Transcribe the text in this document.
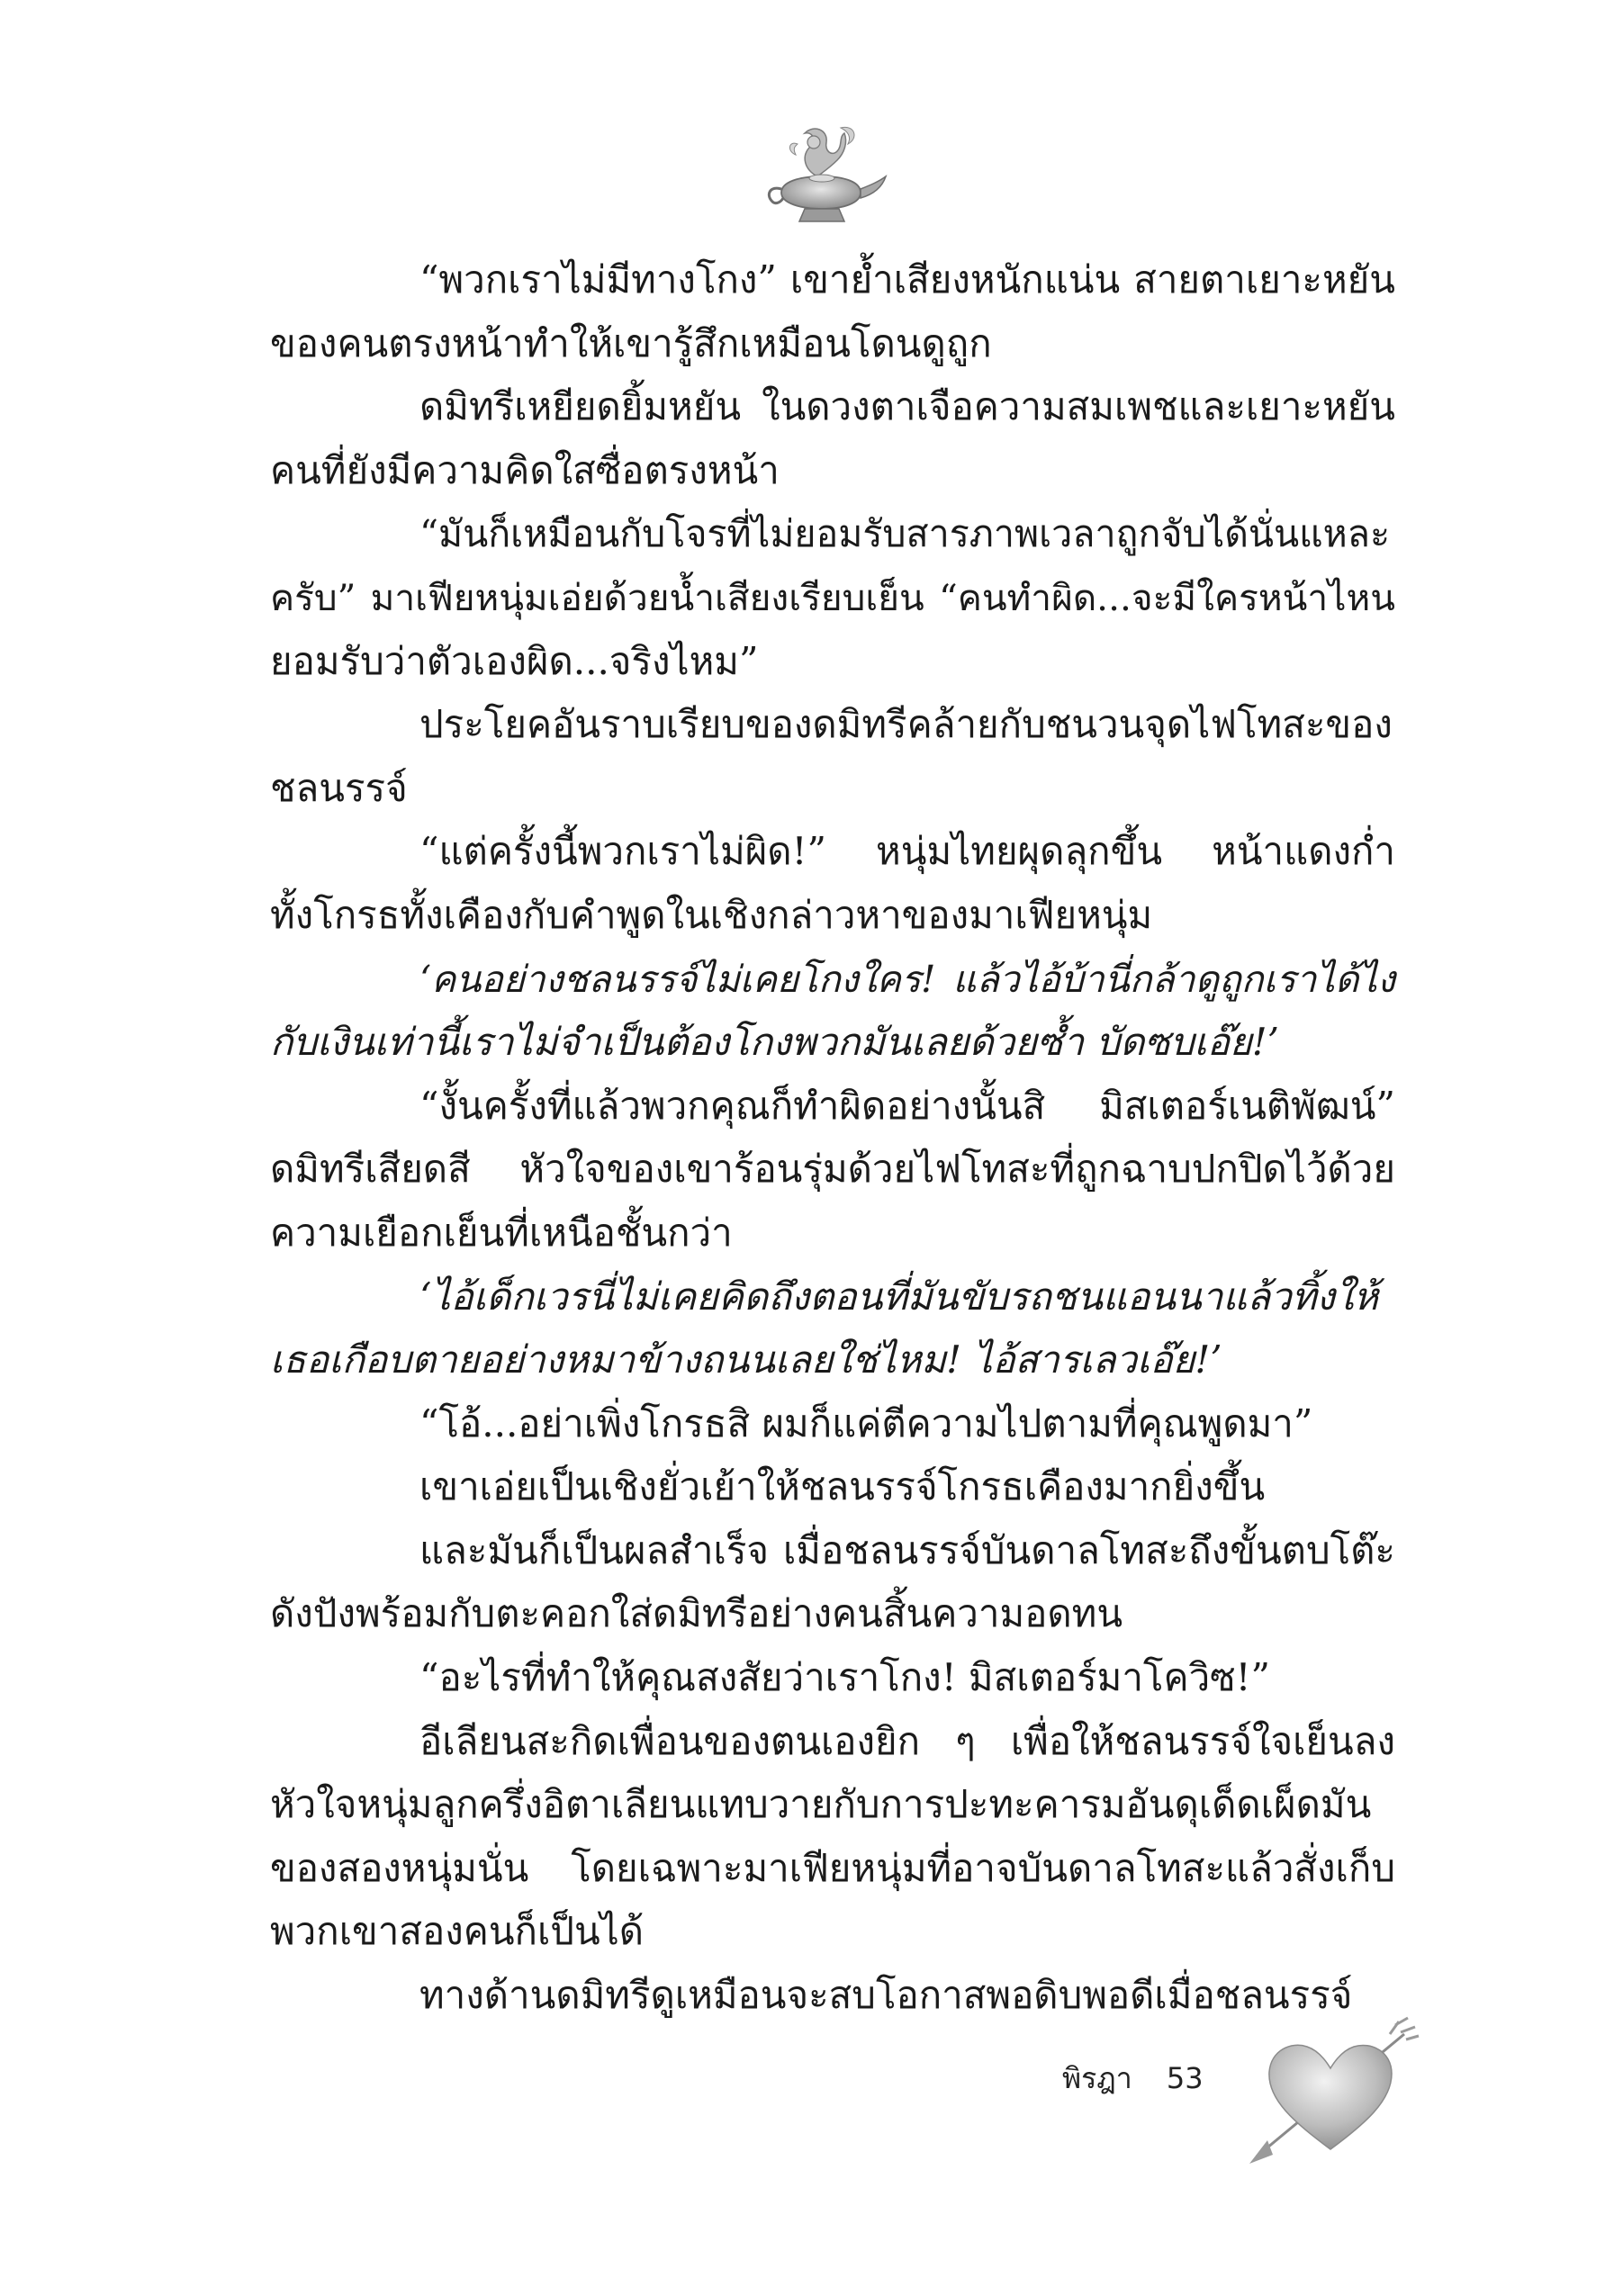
“พวกเราไม่มีทางโกง” เขาย้ำเสียงหนักแน่น สายตาเยาะหยัน
ของคนตรงหน้าทำให้เขารู้สึกเหมือนโดนดูถูก
ดมิทรีเหยียดยิ้มหยัน ในดวงตาเจือความสมเพชและเยาะหยัน
คนที่ยังมีความคิดใสซื่อตรงหน้า
“มันก็เหมือนกับโจรที่ไม่ยอมรับสารภาพเวลาถูกจับได้นั่นแหละ
ครับ” มาเฟียหนุ่มเอ่ยด้วยน้ำเสียงเรียบเย็น “คนทำผิด...จะมีใครหน้าไหน
ยอมรับว่าตัวเองผิด...จริงไหม”
ประโยคอันราบเรียบของดมิทรีคล้ายกับชนวนจุดไฟโทสะของ
ชลนรรจ์
“แต่ครั้งนี้พวกเราไม่ผิด!” หนุ่มไทยผุดลุกขึ้น หน้าแดงก่ำ
ทั้งโกรธทั้งเคืองกับคำพูดในเชิงกล่าวหาของมาเฟียหนุ่ม
‘คนอย่างชลนรรจ์ไม่เคยโกงใคร! แล้วไอ้บ้านี่กล้าดูถูกเราได้ไง
กับเงินเท่านี้เราไม่จำเป็นต้องโกงพวกมันเลยด้วยซ้ำ บัดซบเอ๊ย!’
“งั้นครั้งที่แล้วพวกคุณก็ทำผิดอย่างนั้นสิ มิสเตอร์เนติพัฒน์”
ดมิทรีเสียดสี หัวใจของเขาร้อนรุ่มด้วยไฟโทสะที่ถูกฉาบปกปิดไว้ด้วย
ความเยือกเย็นที่เหนือชั้นกว่า
‘ไอ้เด็กเวรนี่ไม่เคยคิดถึงตอนที่มันขับรถชนแอนนาแล้วทิ้งให้
เธอเกือบตายอย่างหมาข้างถนนเลยใช่ไหม! ไอ้สารเลวเอ๊ย!’
“โอ้...อย่าเพิ่งโกรธสิ ผมก็แค่ตีความไปตามที่คุณพูดมา”
เขาเอ่ยเป็นเชิงยั่วเย้าให้ชลนรรจ์โกรธเคืองมากยิ่งขึ้น
และมันก็เป็นผลสำเร็จ เมื่อชลนรรจ์บันดาลโทสะถึงขั้นตบโต๊ะ
ดังปังพร้อมกับตะคอกใส่ดมิทรีอย่างคนสิ้นความอดทน
“อะไรที่ทำให้คุณสงสัยว่าเราโกง! มิสเตอร์มาโควิซ!”
อีเลียนสะกิดเพื่อนของตนเองยิก ๆ เพื่อให้ชลนรรจ์ใจเย็นลง
หัวใจหนุ่มลูกครึ่งอิตาเลียนแทบวายกับการปะทะคารมอันดุเด็ดเผ็ดมัน
ของสองหนุ่มนั่น โดยเฉพาะมาเฟียหนุ่มที่อาจบันดาลโทสะแล้วสั่งเก็บ
พวกเขาสองคนก็เป็นได้
ทางด้านดมิทรีดูเหมือนจะสบโอกาสพอดิบพอดีเมื่อชลนรรจ์
พิรฎา 53
